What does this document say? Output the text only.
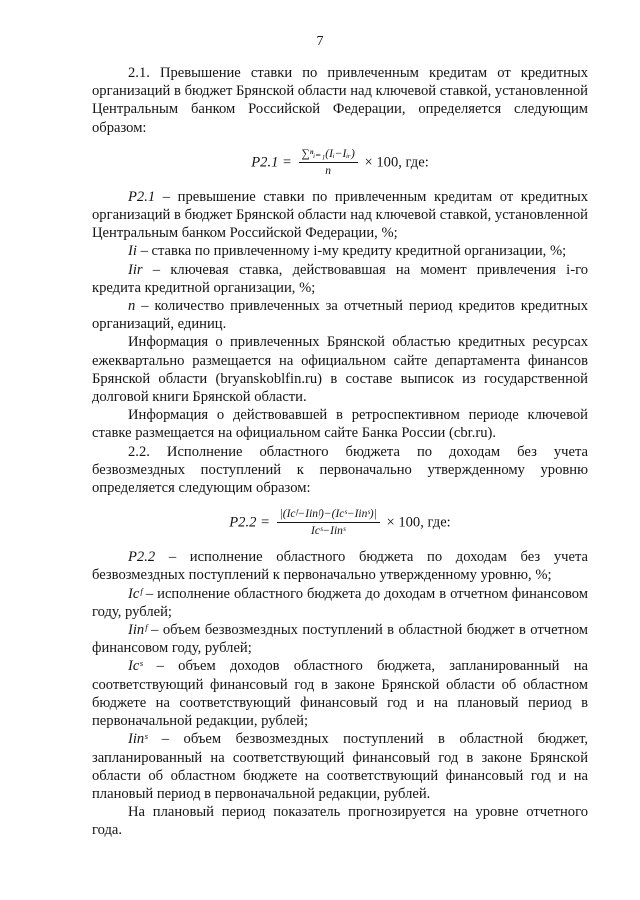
7

2.1. Превышение ставки по привлеченным кредитам от кредитных организаций в бюджет Брянской области над ключевой ставкой, установленной Центральным банком Российской Федерации, определяется следующим образом:

$P2.1 = \frac{\text{∑ⁿᵢ₌₁(Iᵢ−Iᵢᵣ)}}{n} \times 100$, где:

P2.1 – превышение ставки по привлеченным кредитам от кредитных организаций в бюджет Брянской области над ключевой ставкой, установленной Центральным банком Российской Федерации, %;

Ii – ставка по привлеченному i-му кредиту кредитной организации, %;

Iir – ключевая ставка, действовавшая на момент привлечения i-го кредита кредитной организации, %;

n – количество привлеченных за отчетный период кредитов кредитных организаций, единиц.

Информация о привлеченных Брянской областью кредитных ресурсах ежеквартально размещается на официальном сайте департамента финансов Брянской области (bryanskoblfin.ru) в составе выписок из государственной долговой книги Брянской области.

Информация о действовавшей в ретроспективном периоде ключевой ставке размещается на официальном сайте Банка России (cbr.ru).

2.2. Исполнение областного бюджета по доходам без учета безвозмездных поступлений к первоначально утвержденному уровню определяется следующим образом:

$P2.2 = \frac{\text{|(Icᶠ−Iinᶠ)−(Icˢ−Iinˢ)|}}{\text{Icˢ−Iinˢ}} \times 100$, где:

P2.2 – исполнение областного бюджета по доходам без учета безвозмездных поступлений к первоначально утвержденному уровню, %;

Icᶠ – исполнение областного бюджета до доходам в отчетном финансовом году, рублей;

Iinᶠ – объем безвозмездных поступлений в областной бюджет в отчетном финансовом году, рублей;

Icˢ – объем доходов областного бюджета, запланированный на соответствующий финансовый год в законе Брянской области об областном бюджете на соответствующий финансовый год и на плановый период в первоначальной редакции, рублей;

Iinˢ – объем безвозмездных поступлений в областной бюджет, запланированный на соответствующий финансовый год в законе Брянской области об областном бюджете на соответствующий финансовый год и на плановый период в первоначальной редакции, рублей.

На плановый период показатель прогнозируется на уровне отчетного года.
